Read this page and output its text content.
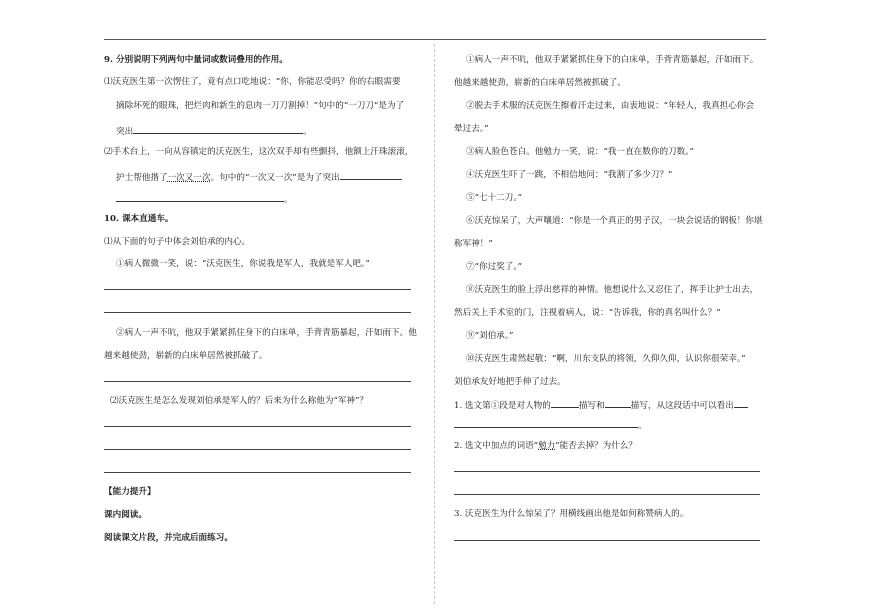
9. 分别说明下列两句中量词或数词叠用的作用。
⑴沃克医生第一次愣住了，竟有点口吃地说：“你，你能忍受吗？你的右眼需要
摘除坏死的眼珠，把烂肉和新生的息肉一刀刀割掉！”句中的“一刀刀”是为了
突出	。
⑵手术台上，一向从容镇定的沃克医生，这次双手却有些颤抖，他额上汗珠滚滚，
护士帮他揩了一次又一次。句中的“一次又一次”是为了突出
。
10. 课本直通车。
⑴从下面的句子中体会刘伯承的内心。
①病人微微一笑，说：“沃克医生，你说我是军人，我就是军人吧。”
②病人一声不吭，他双手紧紧抓住身下的白床单，手背青筋暴起，汗如雨下。他
越来越使劲，崭新的白床单居然被抓破了。
⑵沃克医生是怎么发现刘伯承是军人的？后来为什么称他为“军神”？
【能力提升】
课内阅读。
阅读课文片段，并完成后面练习。
①病人一声不吭，他双手紧紧抓住身下的白床单，手背青筋暴起，汗如雨下。
他越来越使劲，崭新的白床单居然被抓破了。
②脱去手术服的沃克医生擦着汗走过来，由衷地说：“年轻人，我真担心你会
晕过去。”
③病人脸色苍白。他勉力一笑，说：“我一直在数你的刀数。”
④沃克医生吓了一跳，不相信地问：“我割了多少刀？”
⑤“七十二刀。”
⑥沃克惊呆了，大声嚷道：“你是一个真正的男子汉，一块会说话的钢板！你堪
称军神！”
⑦“你过奖了。”
⑧沃克医生的脸上浮出慈祥的神情。他想说什么又忍住了，挥手让护士出去，
然后关上手术室的门，注视着病人，说：“告诉我，你的真名叫什么？”
⑨“刘伯承。”
⑩沃克医生肃然起敬：“啊，川东支队的将领，久仰久仰，认识你很荣幸。”
刘伯承友好地把手伸了过去。
1. 选文第①段是对人物的	描写和	描写，从这段话中可以看出
。
2. 选文中加点的词语“勉力”能否去掉？为什么？
3. 沃克医生为什么惊呆了？用横线画出他是如何称赞病人的。
